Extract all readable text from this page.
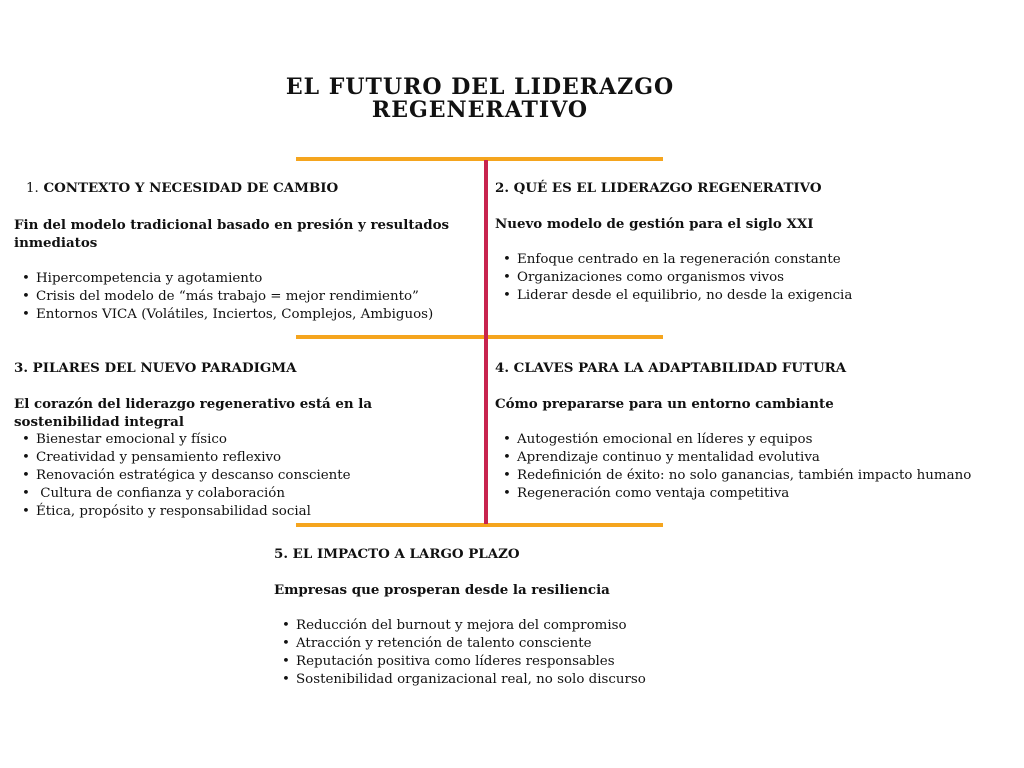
EL FUTURO DEL LIDERAZGO
REGENERATIVO

1. CONTEXTO Y NECESIDAD DE CAMBIO

Fin del modelo tradicional basado en presión y resultados inmediatos

• Hipercompetencia y agotamiento
• Crisis del modelo de “más trabajo = mejor rendimiento”
• Entornos VICA (Volátiles, Inciertos, Complejos, Ambiguos)

2. QUÉ ES EL LIDERAZGO REGENERATIVO

Nuevo modelo de gestión para el siglo XXI

• Enfoque centrado en la regeneración constante
• Organizaciones como organismos vivos
• Liderar desde el equilibrio, no desde la exigencia

3. PILARES DEL NUEVO PARADIGMA

El corazón del liderazgo regenerativo está en la sostenibilidad integral

• Bienestar emocional y físico
• Creatividad y pensamiento reflexivo
• Renovación estratégica y descanso consciente
•  Cultura de confianza y colaboración
• Ética, propósito y responsabilidad social

4. CLAVES PARA LA ADAPTABILIDAD FUTURA

Cómo prepararse para un entorno cambiante

• Autogestión emocional en líderes y equipos
• Aprendizaje continuo y mentalidad evolutiva
• Redefinición de éxito: no solo ganancias, también impacto humano
• Regeneración como ventaja competitiva

5. EL IMPACTO A LARGO PLAZO

Empresas que prosperan desde la resiliencia

• Reducción del burnout y mejora del compromiso
• Atracción y retención de talento consciente
• Reputación positiva como líderes responsables
• Sostenibilidad organizacional real, no solo discurso
